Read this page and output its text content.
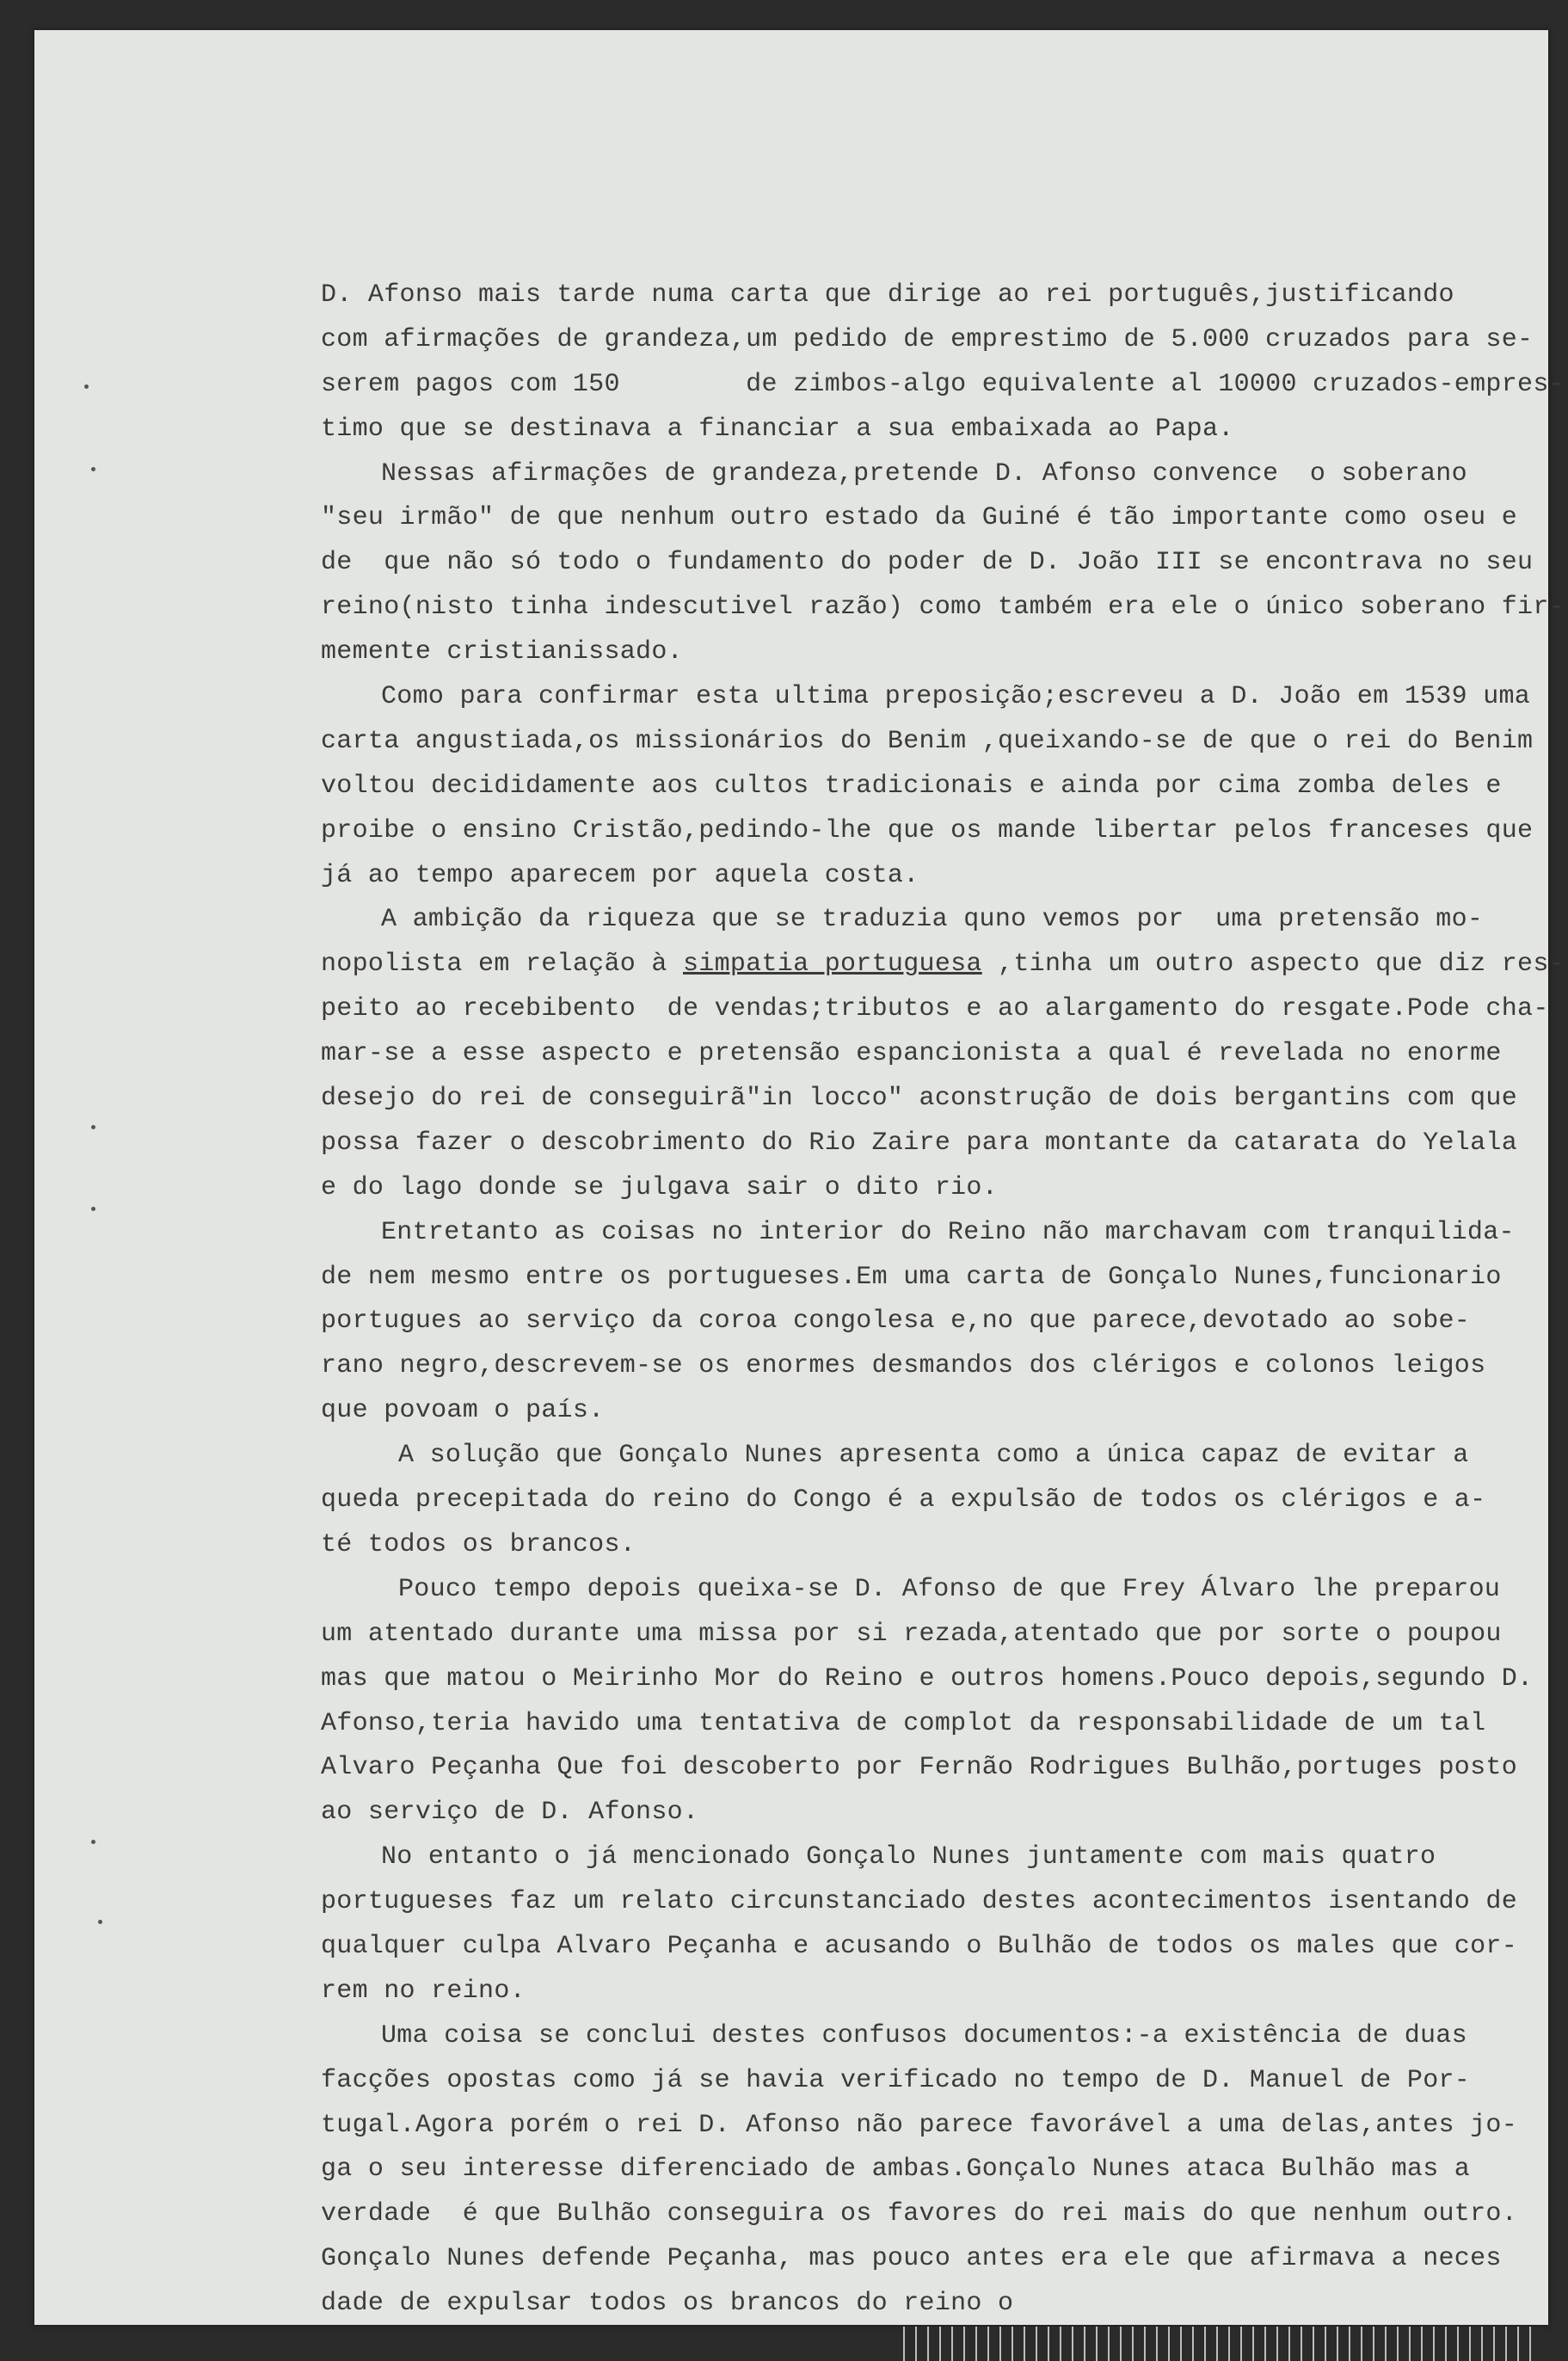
D. Afonso mais tarde numa carta que dirige ao rei português,justificando
com afirmações de grandeza,um pedido de emprestimo de 5.000 cruzados para se-
serem pagos com 150        de zimbos-algo equivalente al 10000 cruzados-empres-
timo que se destinava a financiar a sua embaixada ao Papa.
Nessas afirmações de grandeza,pretende D. Afonso convence  o soberano
"seu irmão" de que nenhum outro estado da Guiné é tão importante como oseu e
de  que não só todo o fundamento do poder de D. João III se encontrava no seu
reino(nisto tinha indescutivel razão) como também era ele o único soberano fir-
memente cristianissado.
Como para confirmar esta ultima preposição;escreveu a D. João em 1539 uma
carta angustiada,os missionários do Benim ,queixando-se de que o rei do Benim
voltou decididamente aos cultos tradicionais e ainda por cima zomba deles e
proibe o ensino Cristão,pedindo-lhe que os mande libertar pelos franceses que
já ao tempo aparecem por aquela costa.
A ambição da riqueza que se traduzia quno vemos por  uma pretensão mo-
nopolista em relação à simpatia portuguesa ,tinha um outro aspecto que diz res-
peito ao recebibento  de vendas;tributos e ao alargamento do resgate.Pode cha-
mar-se a esse aspecto e pretensão espancionista a qual é revelada no enorme
desejo do rei de conseguirã"in locco" aconstrução de dois bergantins com que
possa fazer o descobrimento do Rio Zaire para montante da catarata do Yelala
e do lago donde se julgava sair o dito rio.
Entretanto as coisas no interior do Reino não marchavam com tranquilida-
de nem mesmo entre os portugueses.Em uma carta de Gonçalo Nunes,funcionario
portugues ao serviço da coroa congolesa e,no que parece,devotado ao sobe-
rano negro,descrevem-se os enormes desmandos dos clérigos e colonos leigos
que povoam o país.
A solução que Gonçalo Nunes apresenta como a única capaz de evitar a
queda precepitada do reino do Congo é a expulsão de todos os clérigos e a-
té todos os brancos.
Pouco tempo depois queixa-se D. Afonso de que Frey Álvaro lhe preparou
um atentado durante uma missa por si rezada,atentado que por sorte o poupou
mas que matou o Meirinho Mor do Reino e outros homens.Pouco depois,segundo D.
Afonso,teria havido uma tentativa de complot da responsabilidade de um tal
Alvaro Peçanha Que foi descoberto por Fernão Rodrigues Bulhão,portuges posto
ao serviço de D. Afonso.
No entanto o já mencionado Gonçalo Nunes juntamente com mais quatro
portugueses faz um relato circunstanciado destes acontecimentos isentando de
qualquer culpa Alvaro Peçanha e acusando o Bulhão de todos os males que cor-
rem no reino.
Uma coisa se conclui destes confusos documentos:-a existência de duas
facções opostas como já se havia verificado no tempo de D. Manuel de Por-
tugal.Agora porém o rei D. Afonso não parece favorável a uma delas,antes jo-
ga o seu interesse diferenciado de ambas.Gonçalo Nunes ataca Bulhão mas a
verdade  é que Bulhão conseguira os favores do rei mais do que nenhum outro.
Gonçalo Nunes defende Peçanha, mas pouco antes era ele que afirmava a neces
dade de expulsar todos os brancos do reino o
